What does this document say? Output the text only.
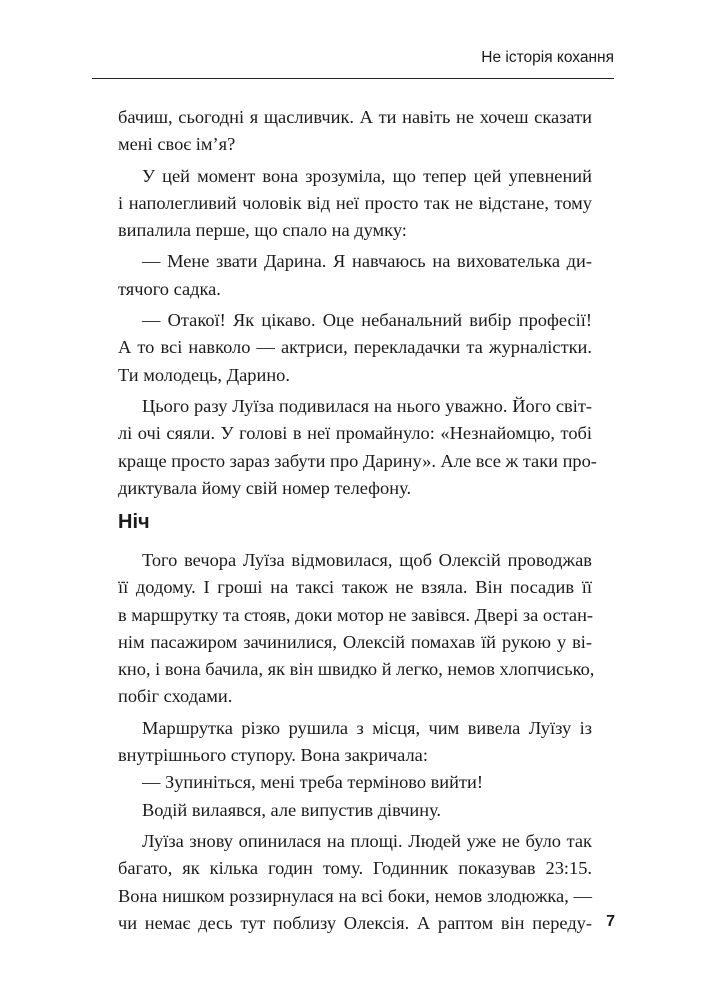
Не історія кохання
бачиш, сьогодні я щасливчик. А ти навіть не хочеш сказати
мені своє ім’я?
У цей момент вона зрозуміла, що тепер цей упевнений
і наполегливий чоловік від неї просто так не відстане, тому
випалила перше, що спало на думку:
— Мене звати Дарина. Я навчаюсь на вихователька ди-
тячого садка.
— Отакої! Як цікаво. Оце небанальний вибір професії!
А то всі навколо — актриси, перекладачки та журналістки.
Ти молодець, Дарино.
Цього разу Луїза подивилася на нього уважно. Його світ-
лі очі сяяли. У голові в неї промайнуло: «Незнайомцю, тобі
краще просто зараз забути про Дарину». Але все ж таки про-
диктувала йому свій номер телефону.
Ніч
Того вечора Луїза відмовилася, щоб Олексій проводжав
її додому. І гроші на таксі також не взяла. Він посадив її
в маршрутку та стояв, доки мотор не завівся. Двері за остан-
нім пасажиром зачинилися, Олексій помахав їй рукою у ві-
кно, і вона бачила, як він швидко й легко, немов хлопчисько,
побіг сходами.
Маршрутка різко рушила з місця, чим вивела Луїзу із
внутрішнього ступору. Вона закричала:
— Зупиніться, мені треба терміново вийти!
Водій вилаявся, але випустив дівчину.
Луїза знову опинилася на площі. Людей уже не було так
багато, як кілька годин тому. Годинник показував 23:15.
Вона нишком роззирнулася на всі боки, немов злодюжка, —
чи немає десь тут поблизу Олексія. А раптом він переду- 7
